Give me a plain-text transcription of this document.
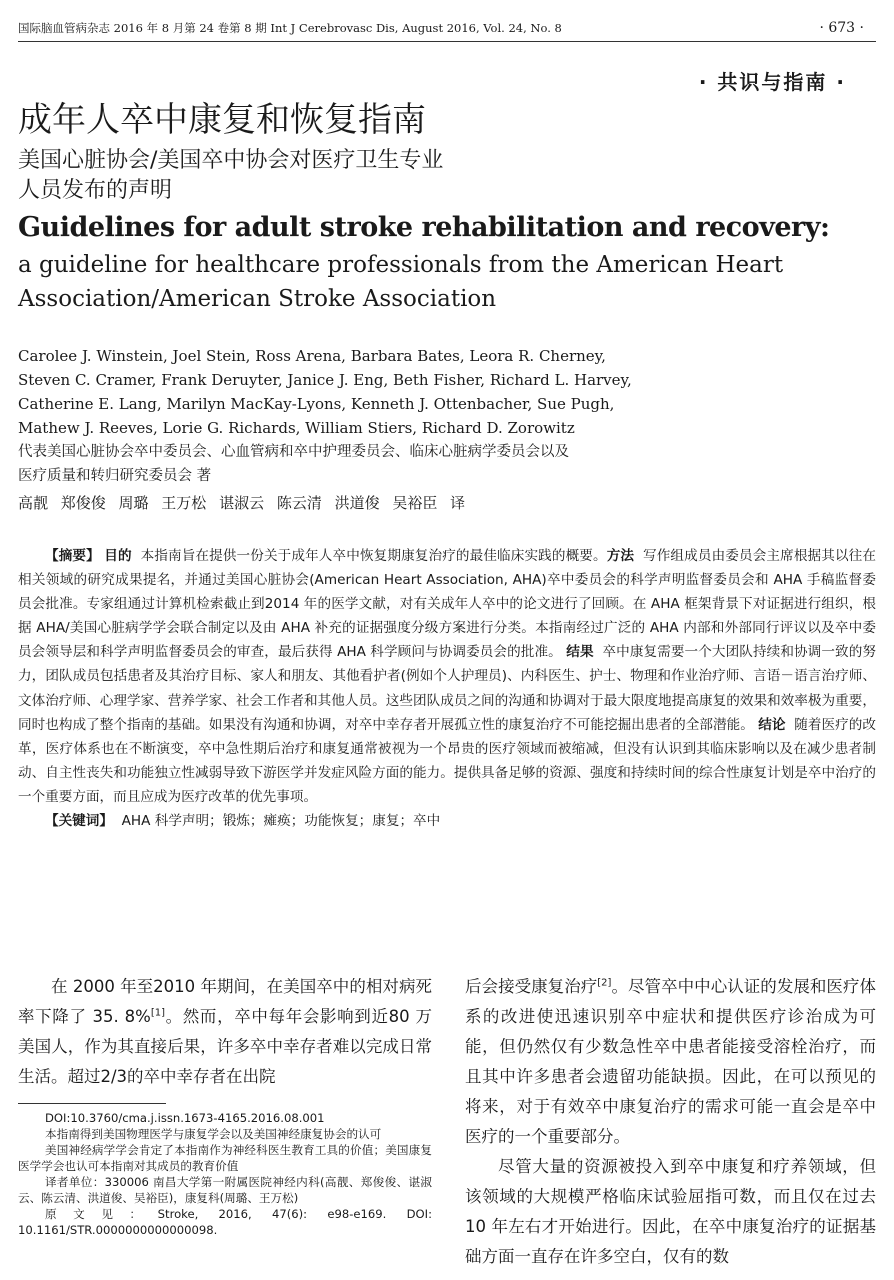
国际脑血管病杂志 2016 年 8 月第 24 卷第 8 期 Int J Cerebrovasc Dis, August 2016, Vol. 24, No. 8	· 673 ·
· 共识与指南 ·
成年人卒中康复和恢复指南
美国心脏协会/美国卒中协会对医疗卫生专业
人员发布的声明
Guidelines for adult stroke rehabilitation and recovery:
a guideline for healthcare professionals from the American Heart
Association/American Stroke Association
Carolee J. Winstein, Joel Stein, Ross Arena, Barbara Bates, Leora R. Cherney,
Steven C. Cramer, Frank Deruyter, Janice J. Eng, Beth Fisher, Richard L. Harvey,
Catherine E. Lang, Marilyn MacKay-Lyons, Kenneth J. Ottenbacher, Sue Pugh,
Mathew J. Reeves, Lorie G. Richards, William Stiers, Richard D. Zorowitz
代表美国心脏协会卒中委员会、心血管病和卒中护理委员会、临床心脏病学委员会以及
医疗质量和转归研究委员会 著
高靓 郑俊俊 周璐 王万松 谌淑云 陈云清 洪道俊 吴裕臣 译

【摘要】 目的 本指南旨在提供一份关于成年人卒中恢复期康复治疗的最佳临床实践的概要。方法 写作组成员由委员会主席根据其以往在相关领域的研究成果提名，并通过美国心脏协会(American Heart Association, AHA)卒中委员会的科学声明监督委员会和 AHA 手稿监督委员会批准。专家组通过计算机检索截止到2014 年的医学文献，对有关成年人卒中的论文进行了回顾。在 AHA 框架背景下对证据进行组织，根据 AHA/美国心脏病学学会联合制定以及由 AHA 补充的证据强度分级方案进行分类。本指南经过广泛的 AHA 内部和外部同行评议以及卒中委员会领导层和科学声明监督委员会的审查，最后获得 AHA 科学顾问与协调委员会的批准。 结果 卒中康复需要一个大团队持续和协调一致的努力，团队成员包括患者及其治疗目标、家人和朋友、其他看护者(例如个人护理员)、内科医生、护士、物理和作业治疗师、言语－语言治疗师、文体治疗师、心理学家、营养学家、社会工作者和其他人员。这些团队成员之间的沟通和协调对于最大限度地提高康复的效果和效率极为重要，同时也构成了整个指南的基础。如果没有沟通和协调，对卒中幸存者开展孤立性的康复治疗不可能挖掘出患者的全部潜能。 结论 随着医疗的改革，医疗体系也在不断演变，卒中急性期后治疗和康复通常被视为一个昂贵的医疗领域而被缩减，但没有认识到其临床影响以及在减少患者制动、自主性丧失和功能独立性减弱导致下游医学并发症风险方面的能力。提供具备足够的资源、强度和持续时间的综合性康复计划是卒中治疗的一个重要方面，而且应成为医疗改革的优先事项。

【关键词】 AHA 科学声明；锻炼；瘫痪；功能恢复；康复；卒中

在 2000 年至2010 年期间，在美国卒中的相对病死率下降了 35. 8%[1]。然而，卒中每年会影响到近80 万美国人，作为其直接后果，许多卒中幸存者难以完成日常生活。超过2/3的卒中幸存者在出院

DOI:10.3760/cma.j.issn.1673-4165.2016.08.001

本指南得到美国物理医学与康复学会以及美国神经康复协会的认可

美国神经病学学会肯定了本指南作为神经科医生教育工具的价值；美国康复医学学会也认可本指南对其成员的教育价值

译者单位：330006 南昌大学第一附属医院神经内科(高靓、郑俊俊、谌淑云、陈云清、洪道俊、吴裕臣)，康复科(周璐、王万松)

原文见：Stroke, 2016, 47(6): e98-e169. DOI: 10.1161/STR.0000000000000098.

后会接受康复治疗[2]。尽管卒中中心认证的发展和医疗体系的改进使迅速识别卒中症状和提供医疗诊治成为可能，但仍然仅有少数急性卒中患者能接受溶栓治疗，而且其中许多患者会遗留功能缺损。因此，在可以预见的将来，对于有效卒中康复治疗的需求可能一直会是卒中医疗的一个重要部分。

尽管大量的资源被投入到卒中康复和疗养领域，但该领域的大规模严格临床试验屈指可数，而且仅在过去10 年左右才开始进行。因此，在卒中康复治疗的证据基础方面一直存在许多空白，仅有的数
